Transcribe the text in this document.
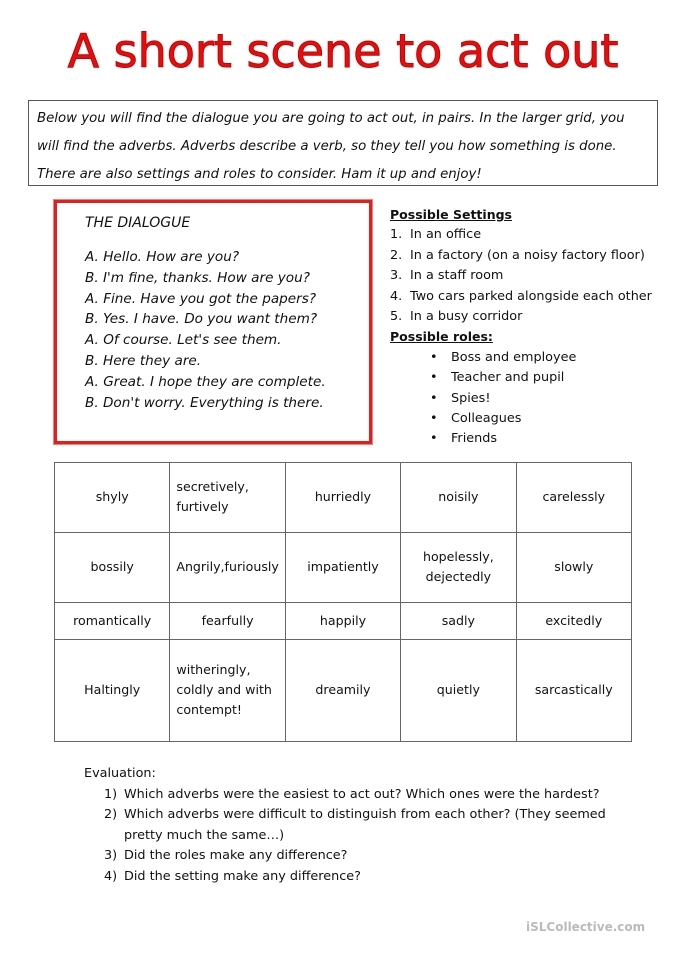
A short scene to act out
Below you will find the dialogue you are going to act out, in pairs. In the larger grid, you will find the adverbs. Adverbs describe a verb, so they tell you how something is done. There are also settings and roles to consider. Ham it up and enjoy!
THE DIALOGUE
A. Hello. How are you?
B. I'm fine, thanks. How are you?
A. Fine. Have you got the papers?
B. Yes. I have. Do you want them?
A. Of course. Let's see them.
B. Here they are.
A. Great. I hope they are complete.
B. Don't worry. Everything is there.
Possible Settings
1. In an office
2. In a factory (on a noisy factory floor)
3. In a staff room
4. Two cars parked alongside each other
5. In a busy corridor
Possible roles:
• Boss and employee
• Teacher and pupil
• Spies!
• Colleagues
• Friends
shyly	secretively, furtively	hurriedly	noisily	carelessly
bossily	Angrily,furiously	impatiently	hopelessly, dejectedly	slowly
romantically	fearfully	happily	sadly	excitedly
Haltingly	witheringly, coldly and with contempt!	dreamily	quietly	sarcastically
Evaluation:
1) Which adverbs were the easiest to act out? Which ones were the hardest?
2) Which adverbs were difficult to distinguish from each other? (They seemed
pretty much the same…)
3) Did the roles make any difference?
4) Did the setting make any difference?
iSLCollective.com
